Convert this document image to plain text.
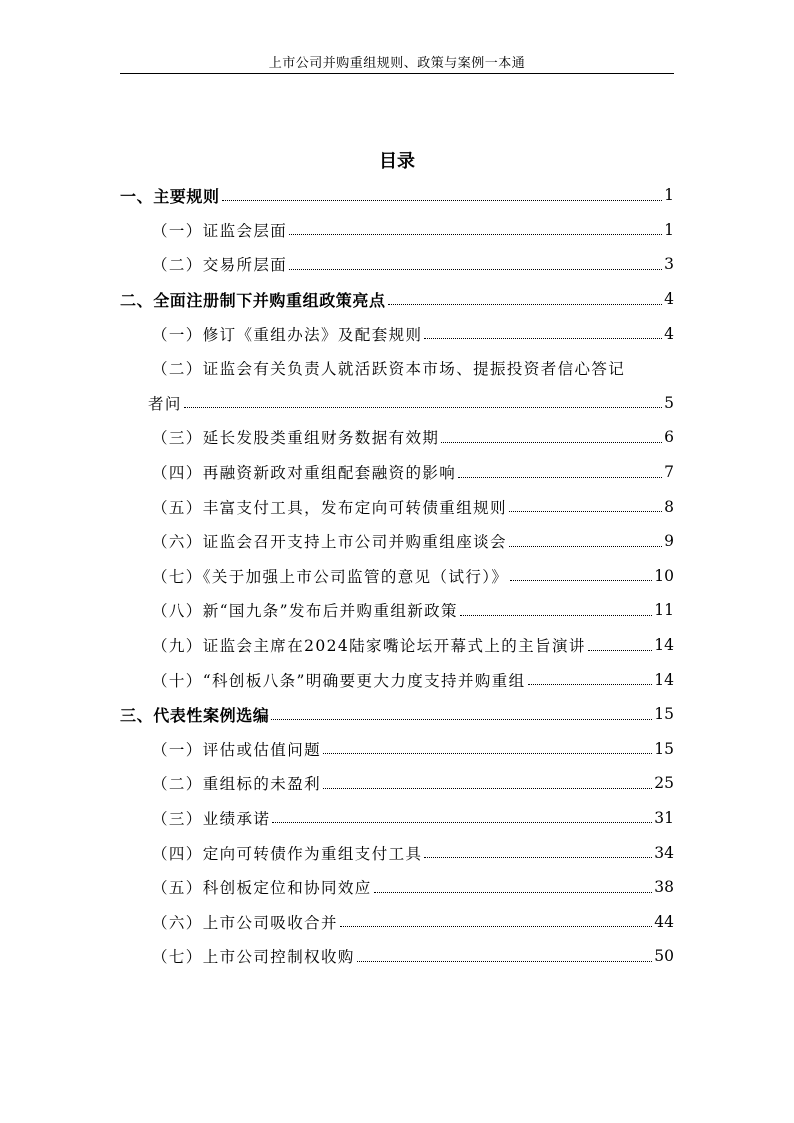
上市公司并购重组规则、政策与案例一本通
目录
一、主要规则	1
（一）证监会层面	1
（二）交易所层面	3
二、全面注册制下并购重组政策亮点	4
（一）修订《重组办法》及配套规则	4
（二）证监会有关负责人就活跃资本市场、提振投资者信心答记
者问	5
（三）延长发股类重组财务数据有效期	6
（四）再融资新政对重组配套融资的影响	7
（五）丰富支付工具，发布定向可转债重组规则	8
（六）证监会召开支持上市公司并购重组座谈会	9
（七）《关于加强上市公司监管的意见（试行）》	10
（八）新“国九条”发布后并购重组新政策	11
（九）证监会主席在2024陆家嘴论坛开幕式上的主旨演讲	14
（十）“科创板八条”明确要更大力度支持并购重组	14
三、代表性案例选编	15
（一）评估或估值问题	15
（二）重组标的未盈利	25
（三）业绩承诺	31
（四）定向可转债作为重组支付工具	34
（五）科创板定位和协同效应	38
（六）上市公司吸收合并	44
（七）上市公司控制权收购	50
